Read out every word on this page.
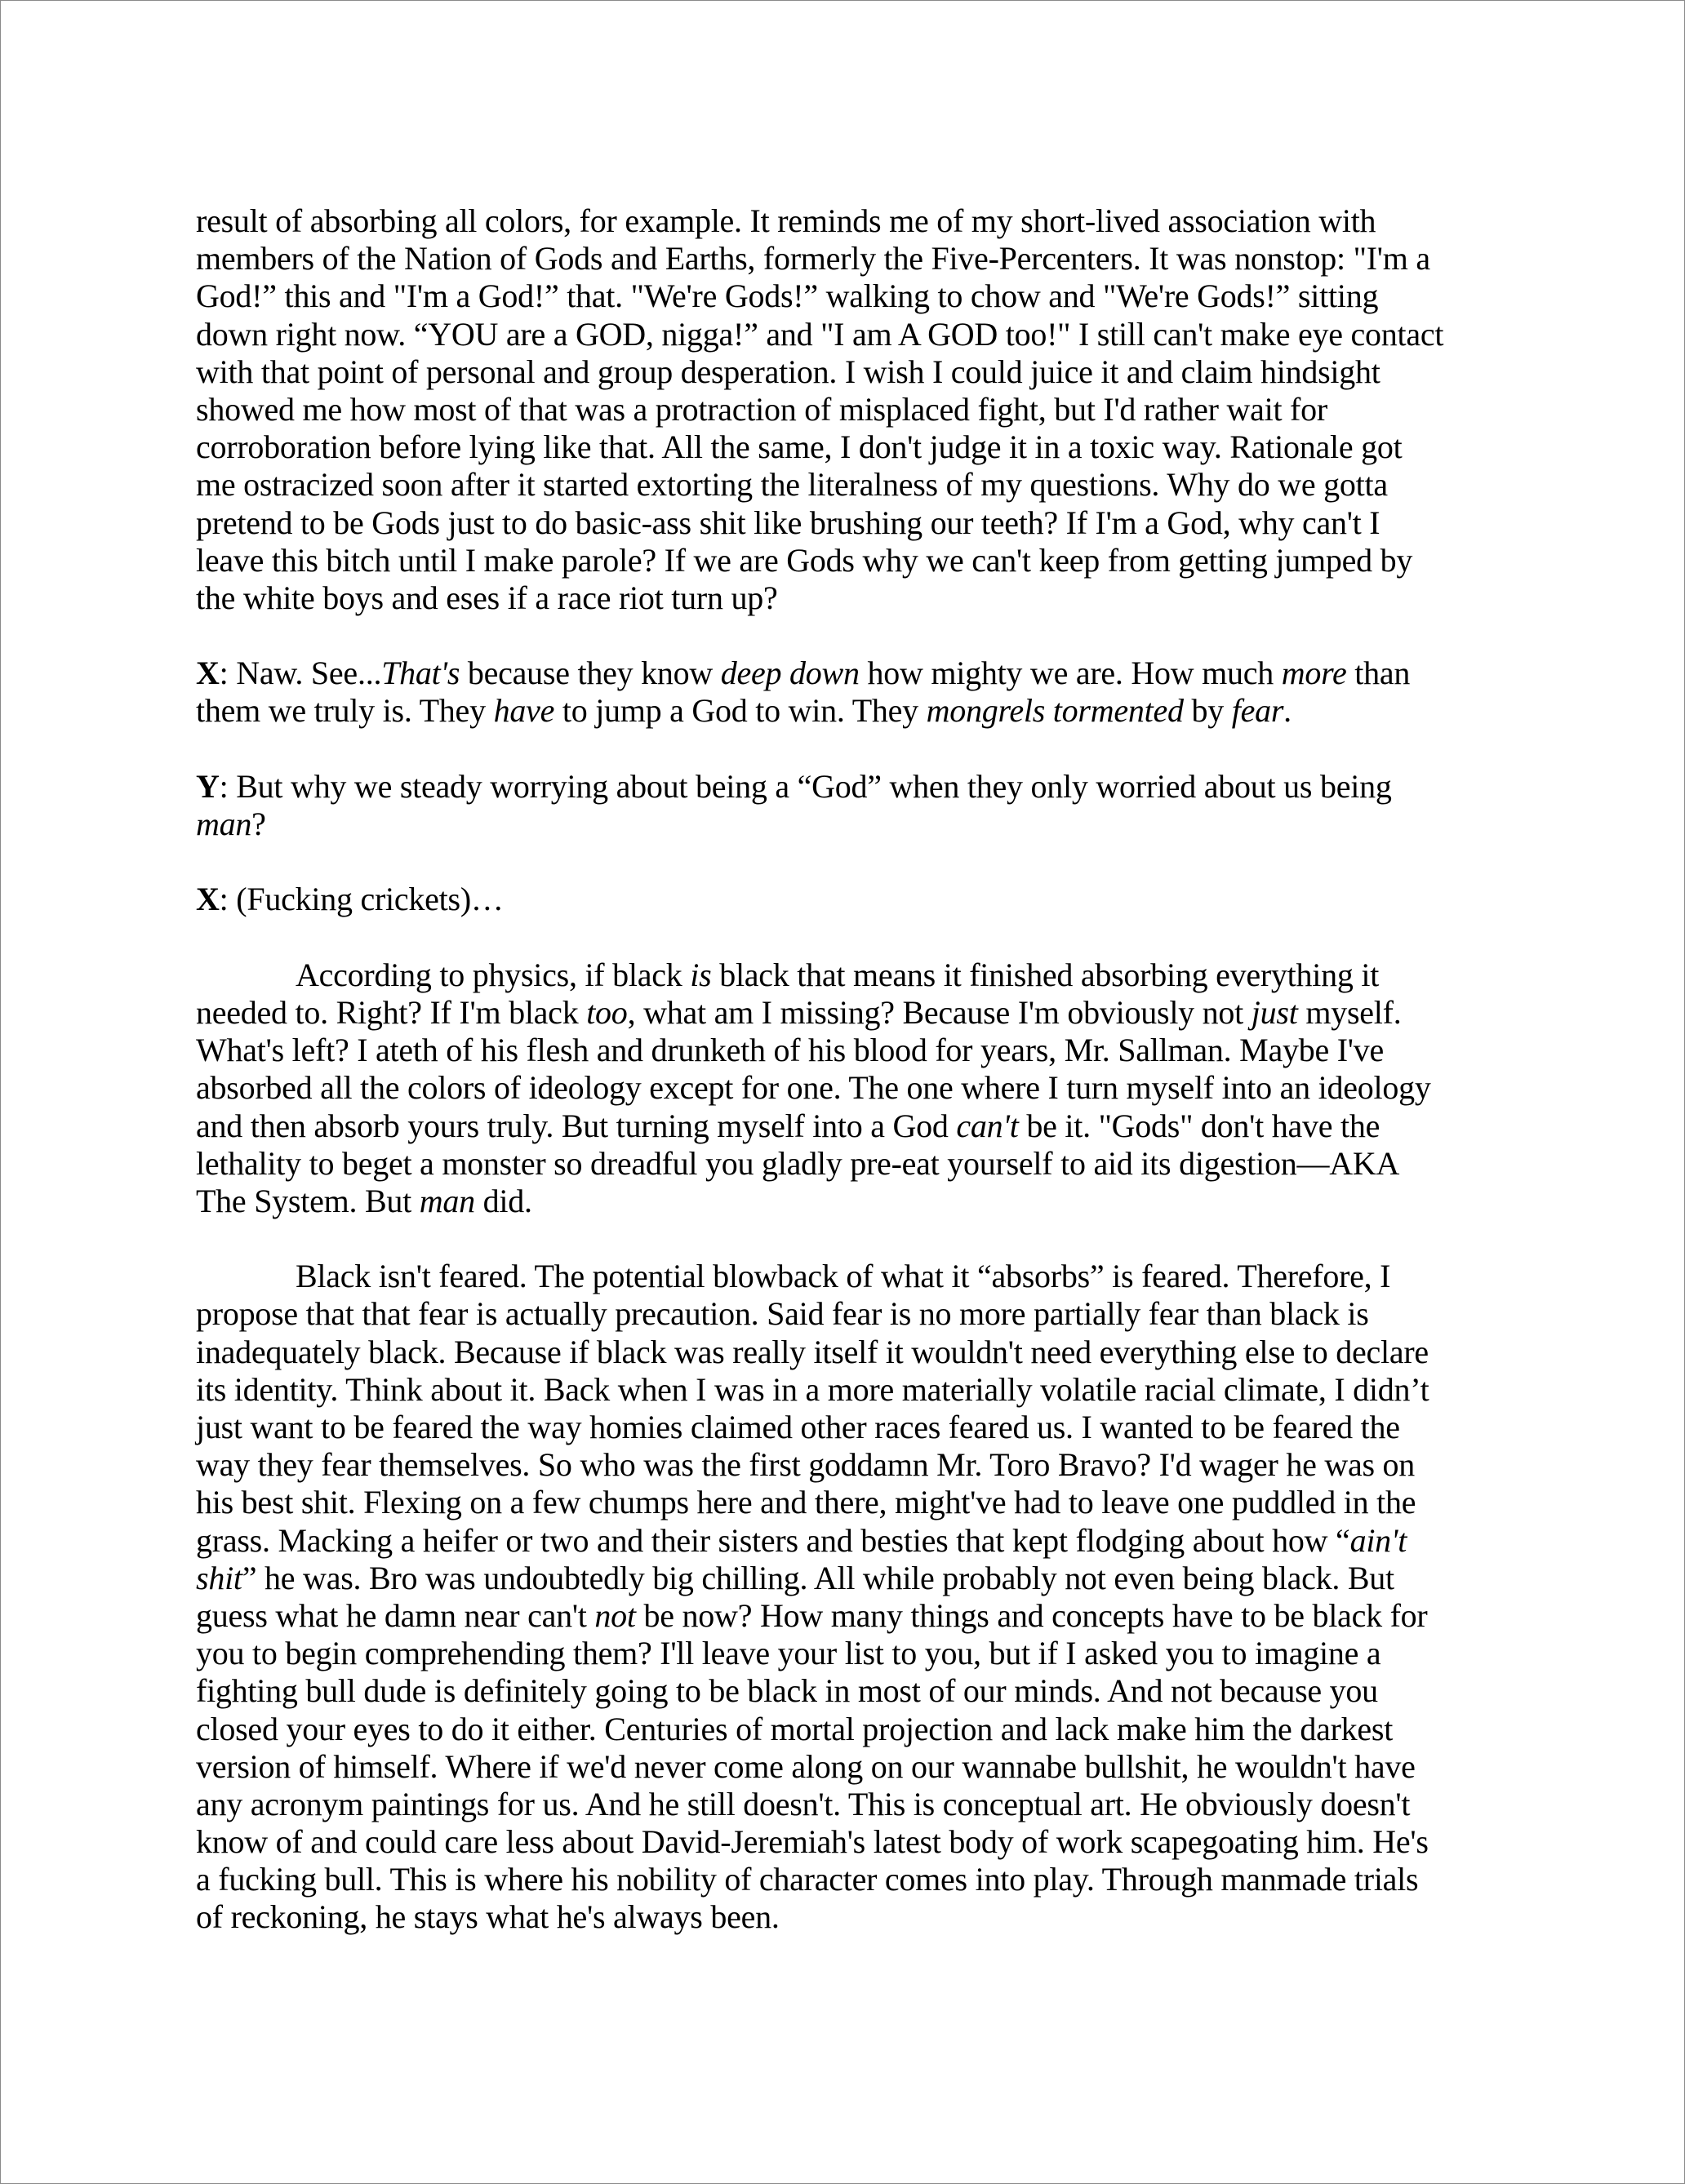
result of absorbing all colors, for example. It reminds me of my short-lived association with
members of the Nation of Gods and Earths, formerly the Five-Percenters. It was nonstop: "I'm a
God!” this and "I'm a God!” that. "We're Gods!” walking to chow and "We're Gods!” sitting
down right now. “YOU are a GOD, nigga!” and "I am A GOD too!" I still can't make eye contact
with that point of personal and group desperation. I wish I could juice it and claim hindsight
showed me how most of that was a protraction of misplaced fight, but I'd rather wait for
corroboration before lying like that. All the same, I don't judge it in a toxic way. Rationale got
me ostracized soon after it started extorting the literalness of my questions. Why do we gotta
pretend to be Gods just to do basic-ass shit like brushing our teeth? If I'm a God, why can't I
leave this bitch until I make parole? If we are Gods why we can't keep from getting jumped by
the white boys and eses if a race riot turn up?
X: Naw. See...That's because they know deep down how mighty we are. How much more than
them we truly is. They have to jump a God to win. They mongrels tormented by fear.
Y: But why we steady worrying about being a “God” when they only worried about us being
man?
X: (Fucking crickets)…
According to physics, if black is black that means it finished absorbing everything it
needed to. Right? If I'm black too, what am I missing? Because I'm obviously not just myself.
What's left? I ateth of his flesh and drunketh of his blood for years, Mr. Sallman. Maybe I've
absorbed all the colors of ideology except for one. The one where I turn myself into an ideology
and then absorb yours truly. But turning myself into a God can't be it. "Gods" don't have the
lethality to beget a monster so dreadful you gladly pre-eat yourself to aid its digestion—AKA
The System. But man did.
Black isn't feared. The potential blowback of what it “absorbs” is feared. Therefore, I
propose that that fear is actually precaution. Said fear is no more partially fear than black is
inadequately black. Because if black was really itself it wouldn't need everything else to declare
its identity. Think about it. Back when I was in a more materially volatile racial climate, I didn’t
just want to be feared the way homies claimed other races feared us. I wanted to be feared the
way they fear themselves. So who was the first goddamn Mr. Toro Bravo? I'd wager he was on
his best shit. Flexing on a few chumps here and there, might've had to leave one puddled in the
grass. Macking a heifer or two and their sisters and besties that kept flodging about how “ain't
shit” he was. Bro was undoubtedly big chilling. All while probably not even being black. But
guess what he damn near can't not be now? How many things and concepts have to be black for
you to begin comprehending them? I'll leave your list to you, but if I asked you to imagine a
fighting bull dude is definitely going to be black in most of our minds. And not because you
closed your eyes to do it either. Centuries of mortal projection and lack make him the darkest
version of himself. Where if we'd never come along on our wannabe bullshit, he wouldn't have
any acronym paintings for us. And he still doesn't. This is conceptual art. He obviously doesn't
know of and could care less about David-Jeremiah's latest body of work scapegoating him. He's
a fucking bull. This is where his nobility of character comes into play. Through manmade trials
of reckoning, he stays what he's always been.
